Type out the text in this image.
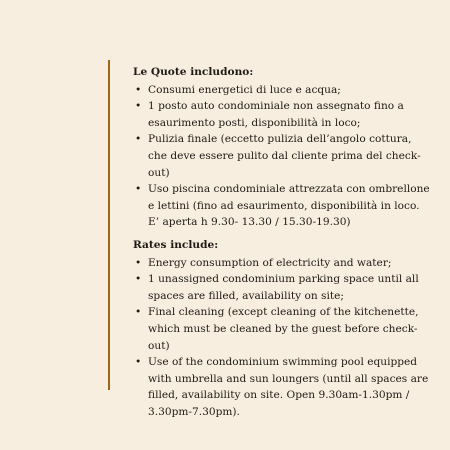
Le Quote includono:
• Consumi energetici di luce e acqua;
• 1 posto auto condominiale non assegnato fino a esaurimento posti, disponibilità in loco;
• Pulizia finale (eccetto pulizia dell’angolo cottura, che deve essere pulito dal cliente prima del check-out)
• Uso piscina condominiale attrezzata con ombrellone e lettini (fino ad esaurimento, disponibilità in loco. E’ aperta h 9.30- 13.30 / 15.30-19.30)
Rates include:
• Energy consumption of electricity and water;
• 1 unassigned condominium parking space until all spaces are filled, availability on site;
• Final cleaning (except cleaning of the kitchenette, which must be cleaned by the guest before check-out)
• Use of the condominium swimming pool equipped with umbrella and sun loungers (until all spaces are filled, availability on site. Open 9.30am-1.30pm / 3.30pm-7.30pm).
